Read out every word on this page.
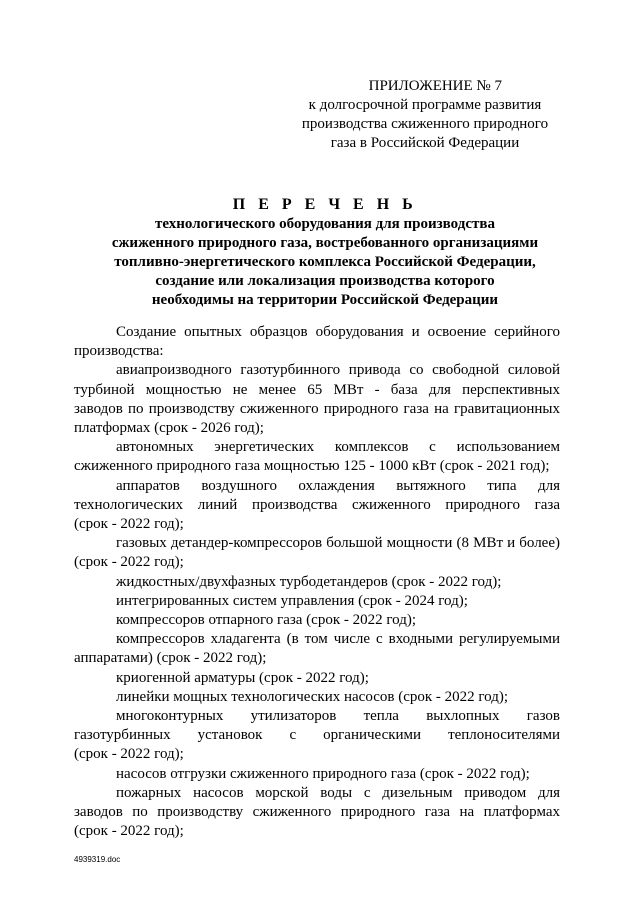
ПРИЛОЖЕНИЕ № 7
к долгосрочной программе развития
производства сжиженного природного
газа в Российской Федерации
П Е Р Е Ч Е Н Ь
технологического оборудования для производства
сжиженного природного газа, востребованного организациями
топливно-энергетического комплекса Российской Федерации,
создание или локализация производства которого
необходимы на территории Российской Федерации
Создание опытных образцов оборудования и освоение серийного
производства:
авиапроизводного газотурбинного привода со свободной силовой
турбиной мощностью не менее 65 МВт - база для перспективных
заводов по производству сжиженного природного газа на гравитационных
платформах (срок - 2026 год);
автономных энергетических комплексов с использованием
сжиженного природного газа мощностью 125 - 1000 кВт (срок - 2021 год);
аппаратов воздушного охлаждения вытяжного типа для
технологических линий производства сжиженного природного газа
(срок - 2022 год);
газовых детандер-компрессоров большой мощности (8 МВт и более)
(срок - 2022 год);
жидкостных/двухфазных турбодетандеров (срок - 2022 год);
интегрированных систем управления (срок - 2024 год);
компрессоров отпарного газа (срок - 2022 год);
компрессоров хладагента (в том числе с входными регулируемыми
аппаратами) (срок - 2022 год);
криогенной арматуры (срок - 2022 год);
линейки мощных технологических насосов (срок - 2022 год);
многоконтурных утилизаторов тепла выхлопных газов
газотурбинных установок с органическими теплоносителями
(срок - 2022 год);
насосов отгрузки сжиженного природного газа (срок - 2022 год);
пожарных насосов морской воды с дизельным приводом для
заводов по производству сжиженного природного газа на платформах
(срок - 2022 год);
4939319.doc
